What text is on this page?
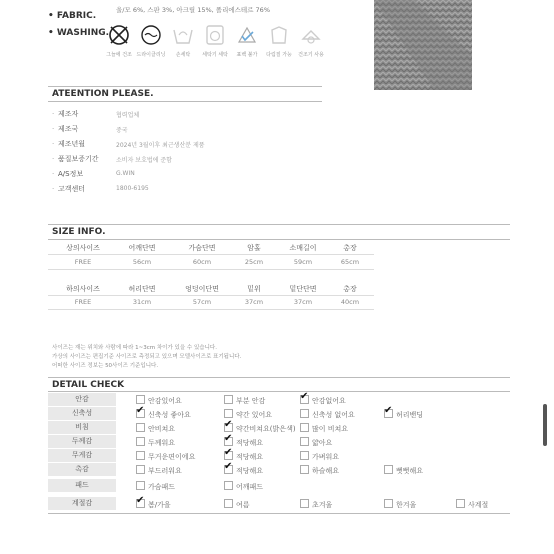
• FABRIC.
울/모 6%, 스판 3%, 아크릴 15%, 폴리에스테르 76%
• WASHING.
그늘에 건조 드라이클리닝	손세탁	세탁기 세탁	표백 불가	다림질 가능	건조기 사용
ATEENTION PLEASE.
· 제조자	협력업체
· 제조국	중국
· 제조년월	2024년 3월이후 최근생산분 제품
· 품질보증기간	소비자 보호법에 준함
· A/S정보	G.WIN
· 고객센터	1800-6195
SIZE INFO.
상의사이즈	어깨단면	가슴단면	암홀	소매길이	총장
FREE	56cm	60cm	25cm	59cm	65cm
하의사이즈	허리단면	엉덩이단면	밑위	밑단단면	총장
FREE	31cm	57cm	37cm	37cm	40cm
사이즈는 재는 위치와 사람에 따라 1~3cm 차이가 있을 수 있습니다.
가상의 사이즈는 편집기준 사이즈로 측정되고 있으며 모델사이즈로 표기됩니다.
어떠한 사이즈 정보는 50사이즈 기준입니다.
DETAIL CHECK
안감	안감있어요	부분 안감 ✔	안감없어요
신축성 ✔	신축성 좋아요	약간 있어요	신축성 없어요 ✔	허리밴딩
비침	안비쳐요 ✔	약간비쳐요(밝은색)	많이 비쳐요
두께감	두께워요 ✔	적당해요	얇아요
무게감	무거운편이에요 ✔	적당해요	가벼워요
촉감	부드러워요 ✔	적당해요	하슬해요	뻣뻣해요
패드	가슴패드	어깨패드
계절감 ✔	봄/가을	여름	초겨울	한겨울	사계절
